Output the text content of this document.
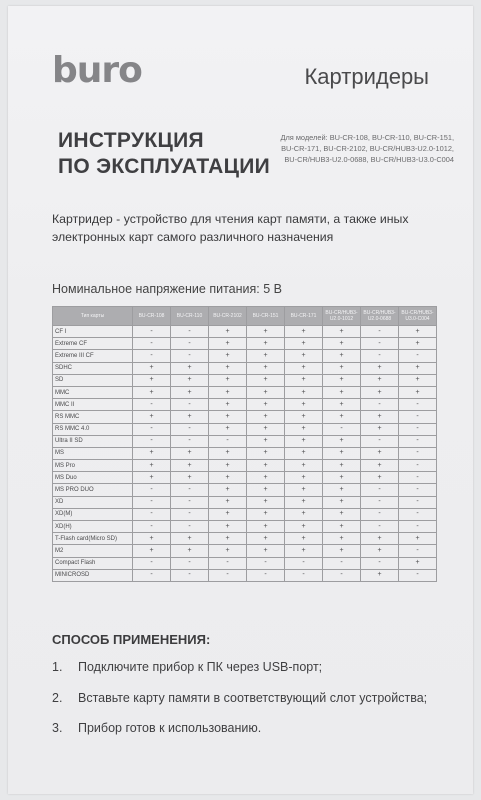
buro	Картридеры
ИНСТРУКЦИЯ
ПО ЭКСПЛУАТАЦИИ
Для моделей: BU-CR-108, BU-CR-110, BU-CR-151,
BU-CR-171, BU-CR-2102, BU-CR/HUB3-U2.0-1012,
BU-CR/HUB3-U2.0-0688, BU-CR/HUB3-U3.0-C004
Картридер - устройство для чтения карт памяти, а также иных электронных карт самого различного назначения
Номинальное напряжение питания: 5 В
Тип карты	BU-CR-108	BU-CR-110	BU-CR-2102	BU-CR-151	BU-CR-171	BU-CR/HUB3-U2.0-1012	BU-CR/HUB3-U2.0-0688	BU-CR/HUB3-U3.0-C004
CF I	-	-	+	+	+	+	-	+
Extreme CF	-	-	+	+	+	+	-	+
Extreme III CF	-	-	+	+	+	+	-	-
SDHC	+	+	+	+	+	+	+	+
SD	+	+	+	+	+	+	+	+
MMC	+	+	+	+	+	+	+	+
MMC II	-	-	+	+	+	+	-	-
RS MMC	+	+	+	+	+	+	+	-
RS MMC 4.0	-	-	+	+	+	-	+	-
Ultra II SD	-	-	-	+	+	+	-	-
MS	+	+	+	+	+	+	+	-
MS Pro	+	+	+	+	+	+	+	-
MS Duo	+	+	+	+	+	+	+	-
MS PRO DUO	-	-	+	+	+	+	-	-
XD	-	-	+	+	+	+	-	-
XD(M)	-	-	+	+	+	+	-	-
XD(H)	-	-	+	+	+	+	-	-
T-Flash card(Micro SD)	+	+	+	+	+	+	+	+
M2	+	+	+	+	+	+	+	-
Compact Flash	-	-	-	-	-	-	-	+
MINICROSD	-	-	-	-	-	-	+	-
СПОСОБ ПРИМЕНЕНИЯ:
1.	Подключите прибор к ПК через USB-порт;
2.	Вставьте карту памяти в соответствующий слот устройства;
3.	Прибор готов к использованию.
